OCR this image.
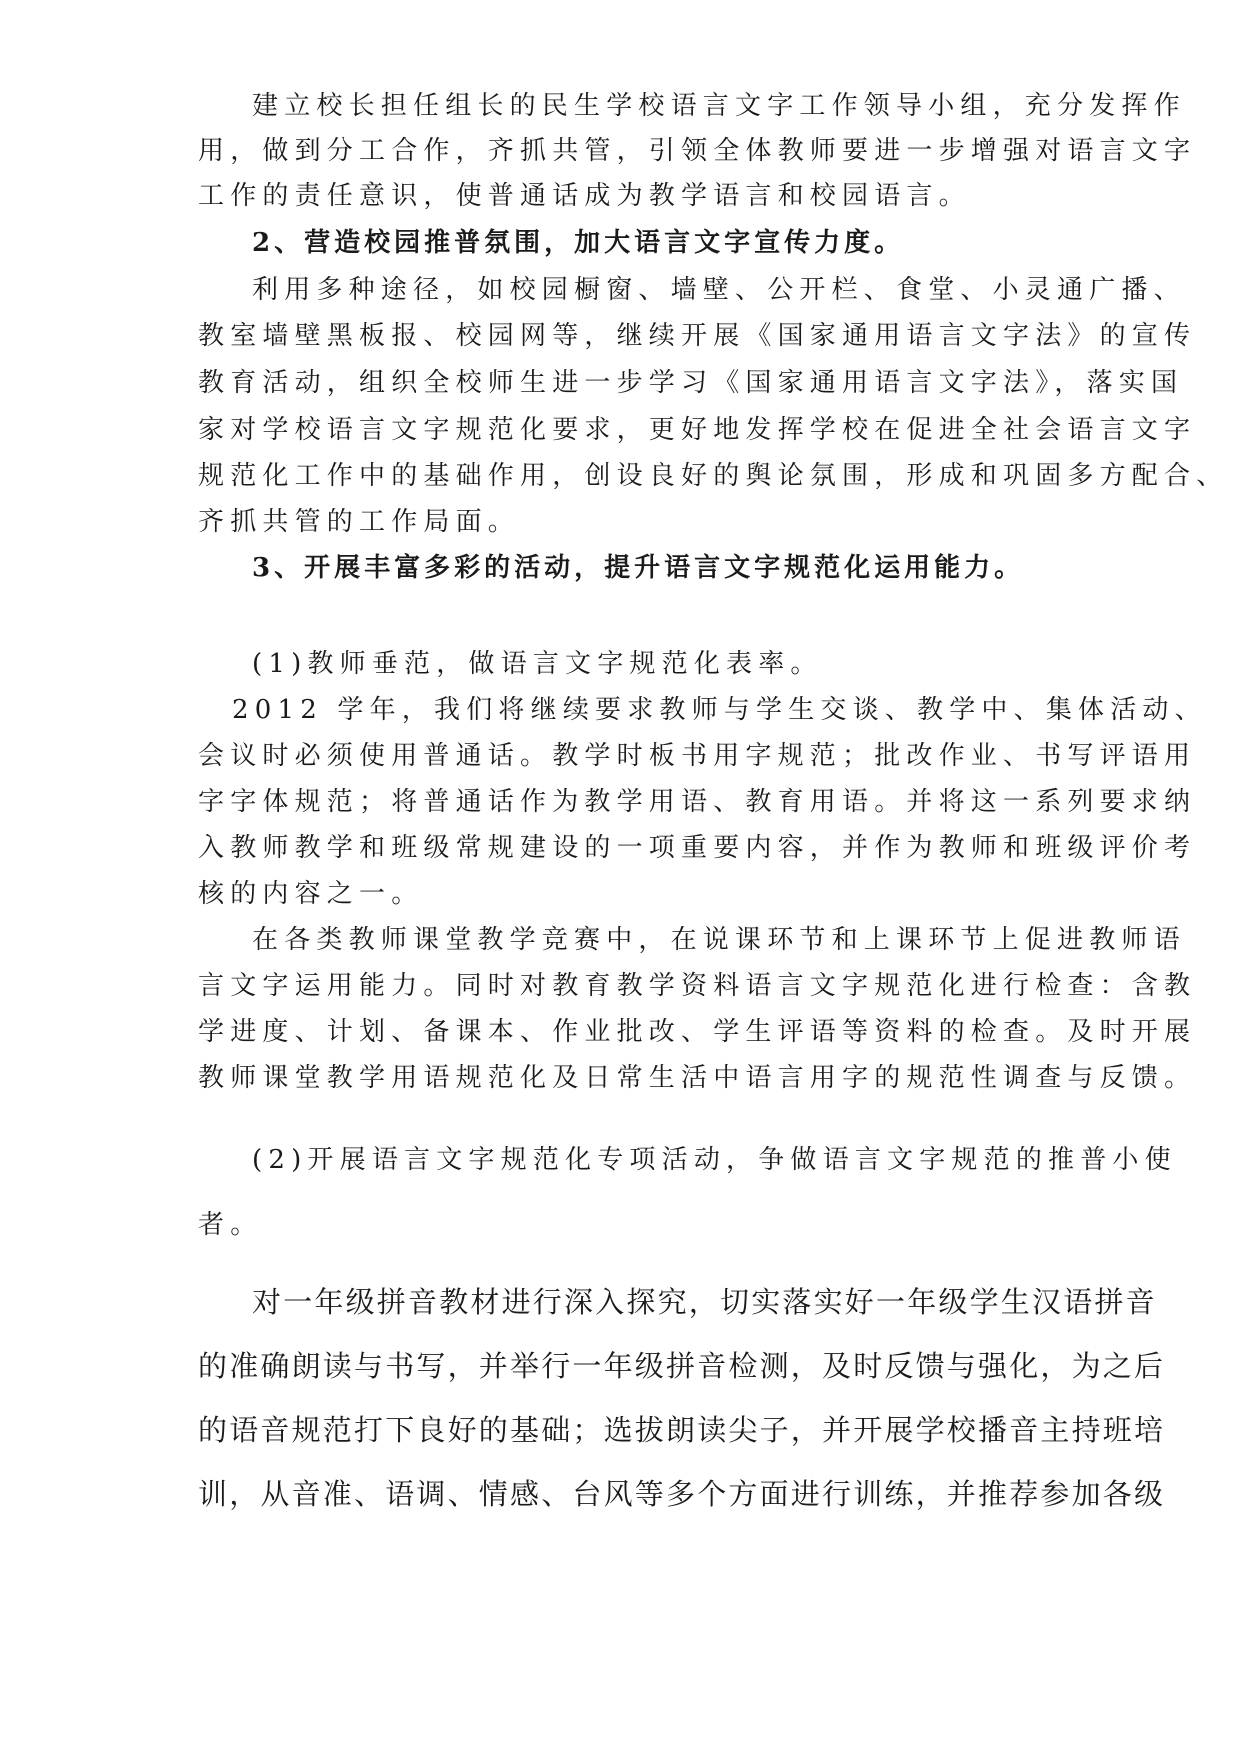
建立校长担任组长的民生学校语言文字工作领导小组，充分发挥作
用，做到分工合作，齐抓共管，引领全体教师要进一步增强对语言文字
工作的责任意识，使普通话成为教学语言和校园语言。
2、营造校园推普氛围，加大语言文字宣传力度。
利用多种途径，如校园橱窗、墙壁、公开栏、食堂、小灵通广播、
教室墙壁黑板报、校园网等，继续开展《国家通用语言文字法》的宣传
教育活动，组织全校师生进一步学习《国家通用语言文字法》，落实国
家对学校语言文字规范化要求，更好地发挥学校在促进全社会语言文字
规范化工作中的基础作用，创设良好的舆论氛围，形成和巩固多方配合、
齐抓共管的工作局面。
3、开展丰富多彩的活动，提升语言文字规范化运用能力。
(1)教师垂范，做语言文字规范化表率。
2012 学年，我们将继续要求教师与学生交谈、教学中、集体活动、
会议时必须使用普通话。教学时板书用字规范；批改作业、书写评语用
字字体规范；将普通话作为教学用语、教育用语。并将这一系列要求纳
入教师教学和班级常规建设的一项重要内容，并作为教师和班级评价考
核的内容之一。
在各类教师课堂教学竞赛中，在说课环节和上课环节上促进教师语
言文字运用能力。同时对教育教学资料语言文字规范化进行检查：含教
学进度、计划、备课本、作业批改、学生评语等资料的检查。及时开展
教师课堂教学用语规范化及日常生活中语言用字的规范性调查与反馈。
(2)开展语言文字规范化专项活动，争做语言文字规范的推普小使
者。
对一年级拼音教材进行深入探究，切实落实好一年级学生汉语拼音
的准确朗读与书写，并举行一年级拼音检测，及时反馈与强化，为之后
的语音规范打下良好的基础；选拔朗读尖子，并开展学校播音主持班培
训，从音准、语调、情感、台风等多个方面进行训练，并推荐参加各级
